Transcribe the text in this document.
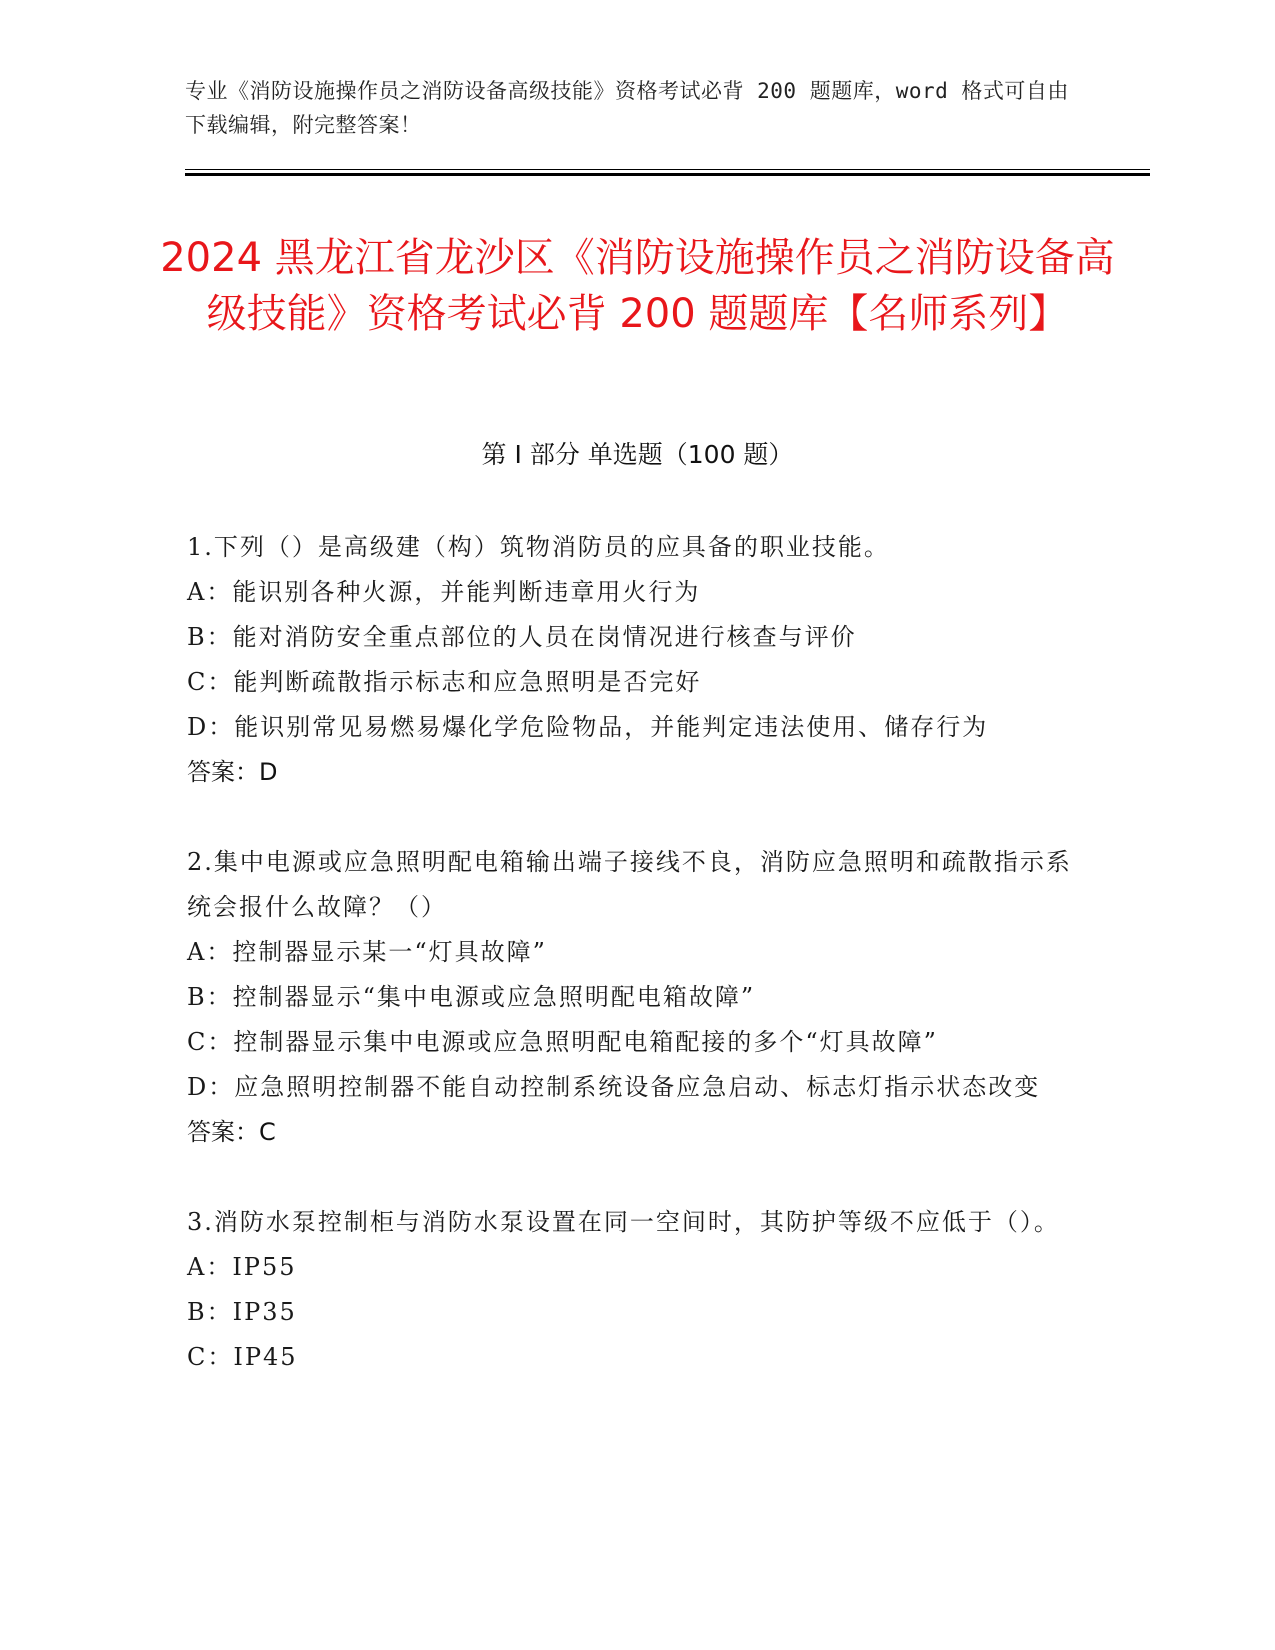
专业《消防设施操作员之消防设备高级技能》资格考试必背 200 题题库，word 格式可自由下载编辑，附完整答案！
2024 黑龙江省龙沙区《消防设施操作员之消防设备高级技能》资格考试必背 200 题题库【名师系列】
第 I 部分 单选题（100 题）
1.下列（）是高级建（构）筑物消防员的应具备的职业技能。
A：能识别各种火源，并能判断违章用火行为
B：能对消防安全重点部位的人员在岗情况进行核查与评价
C：能判断疏散指示标志和应急照明是否完好
D：能识别常见易燃易爆化学危险物品，并能判定违法使用、储存行为
答案：D
2.集中电源或应急照明配电箱输出端子接线不良，消防应急照明和疏散指示系统会报什么故障？（）
A：控制器显示某一“灯具故障”
B：控制器显示“集中电源或应急照明配电箱故障”
C：控制器显示集中电源或应急照明配电箱配接的多个“灯具故障”
D：应急照明控制器不能自动控制系统设备应急启动、标志灯指示状态改变
答案：C
3.消防水泵控制柜与消防水泵设置在同一空间时，其防护等级不应低于（）。
A：IP55
B：IP35
C：IP45
